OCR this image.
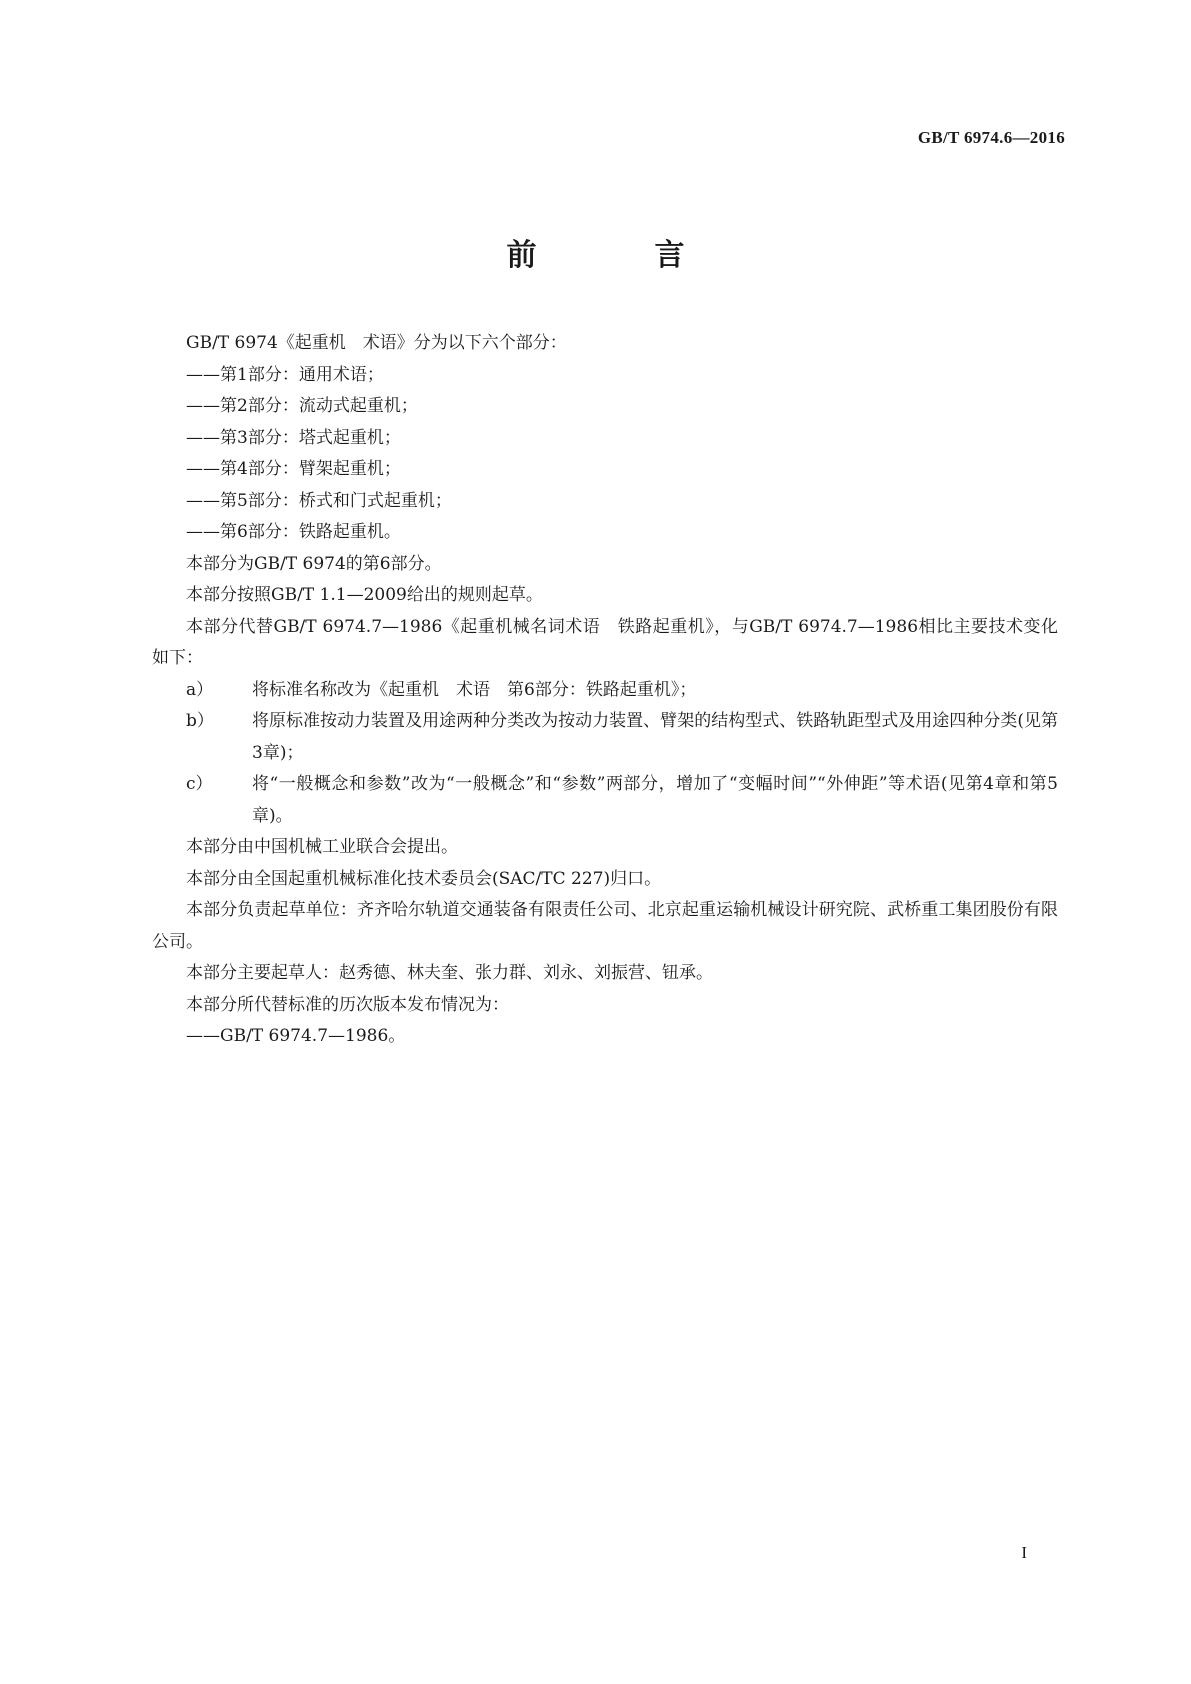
GB/T 6974.6—2016
前　言

GB/T 6974《起重机　术语》分为以下六个部分：

——第1部分：通用术语；

——第2部分：流动式起重机；

——第3部分：塔式起重机；

——第4部分：臂架起重机；

——第5部分：桥式和门式起重机；

——第6部分：铁路起重机。

本部分为GB/T 6974的第6部分。

本部分按照GB/T 1.1—2009给出的规则起草。

本部分代替GB/T 6974.7—1986《起重机械名词术语　铁路起重机》，与GB/T 6974.7—1986相比主要技术变化如下：

a）	将标准名称改为《起重机　术语　第6部分：铁路起重机》；
b）	将原标准按动力装置及用途两种分类改为按动力装置、臂架的结构型式、铁路轨距型式及用途四种分类(见第3章)；
c）	将“一般概念和参数”改为“一般概念”和“参数”两部分，增加了“变幅时间”“外伸距”等术语(见第4章和第5章)。

本部分由中国机械工业联合会提出。

本部分由全国起重机械标准化技术委员会(SAC/TC 227)归口。

本部分负责起草单位：齐齐哈尔轨道交通装备有限责任公司、北京起重运输机械设计研究院、武桥重工集团股份有限公司。

本部分主要起草人：赵秀德、林夫奎、张力群、刘永、刘振营、钮承。

本部分所代替标准的历次版本发布情况为：

——GB/T 6974.7—1986。

I
